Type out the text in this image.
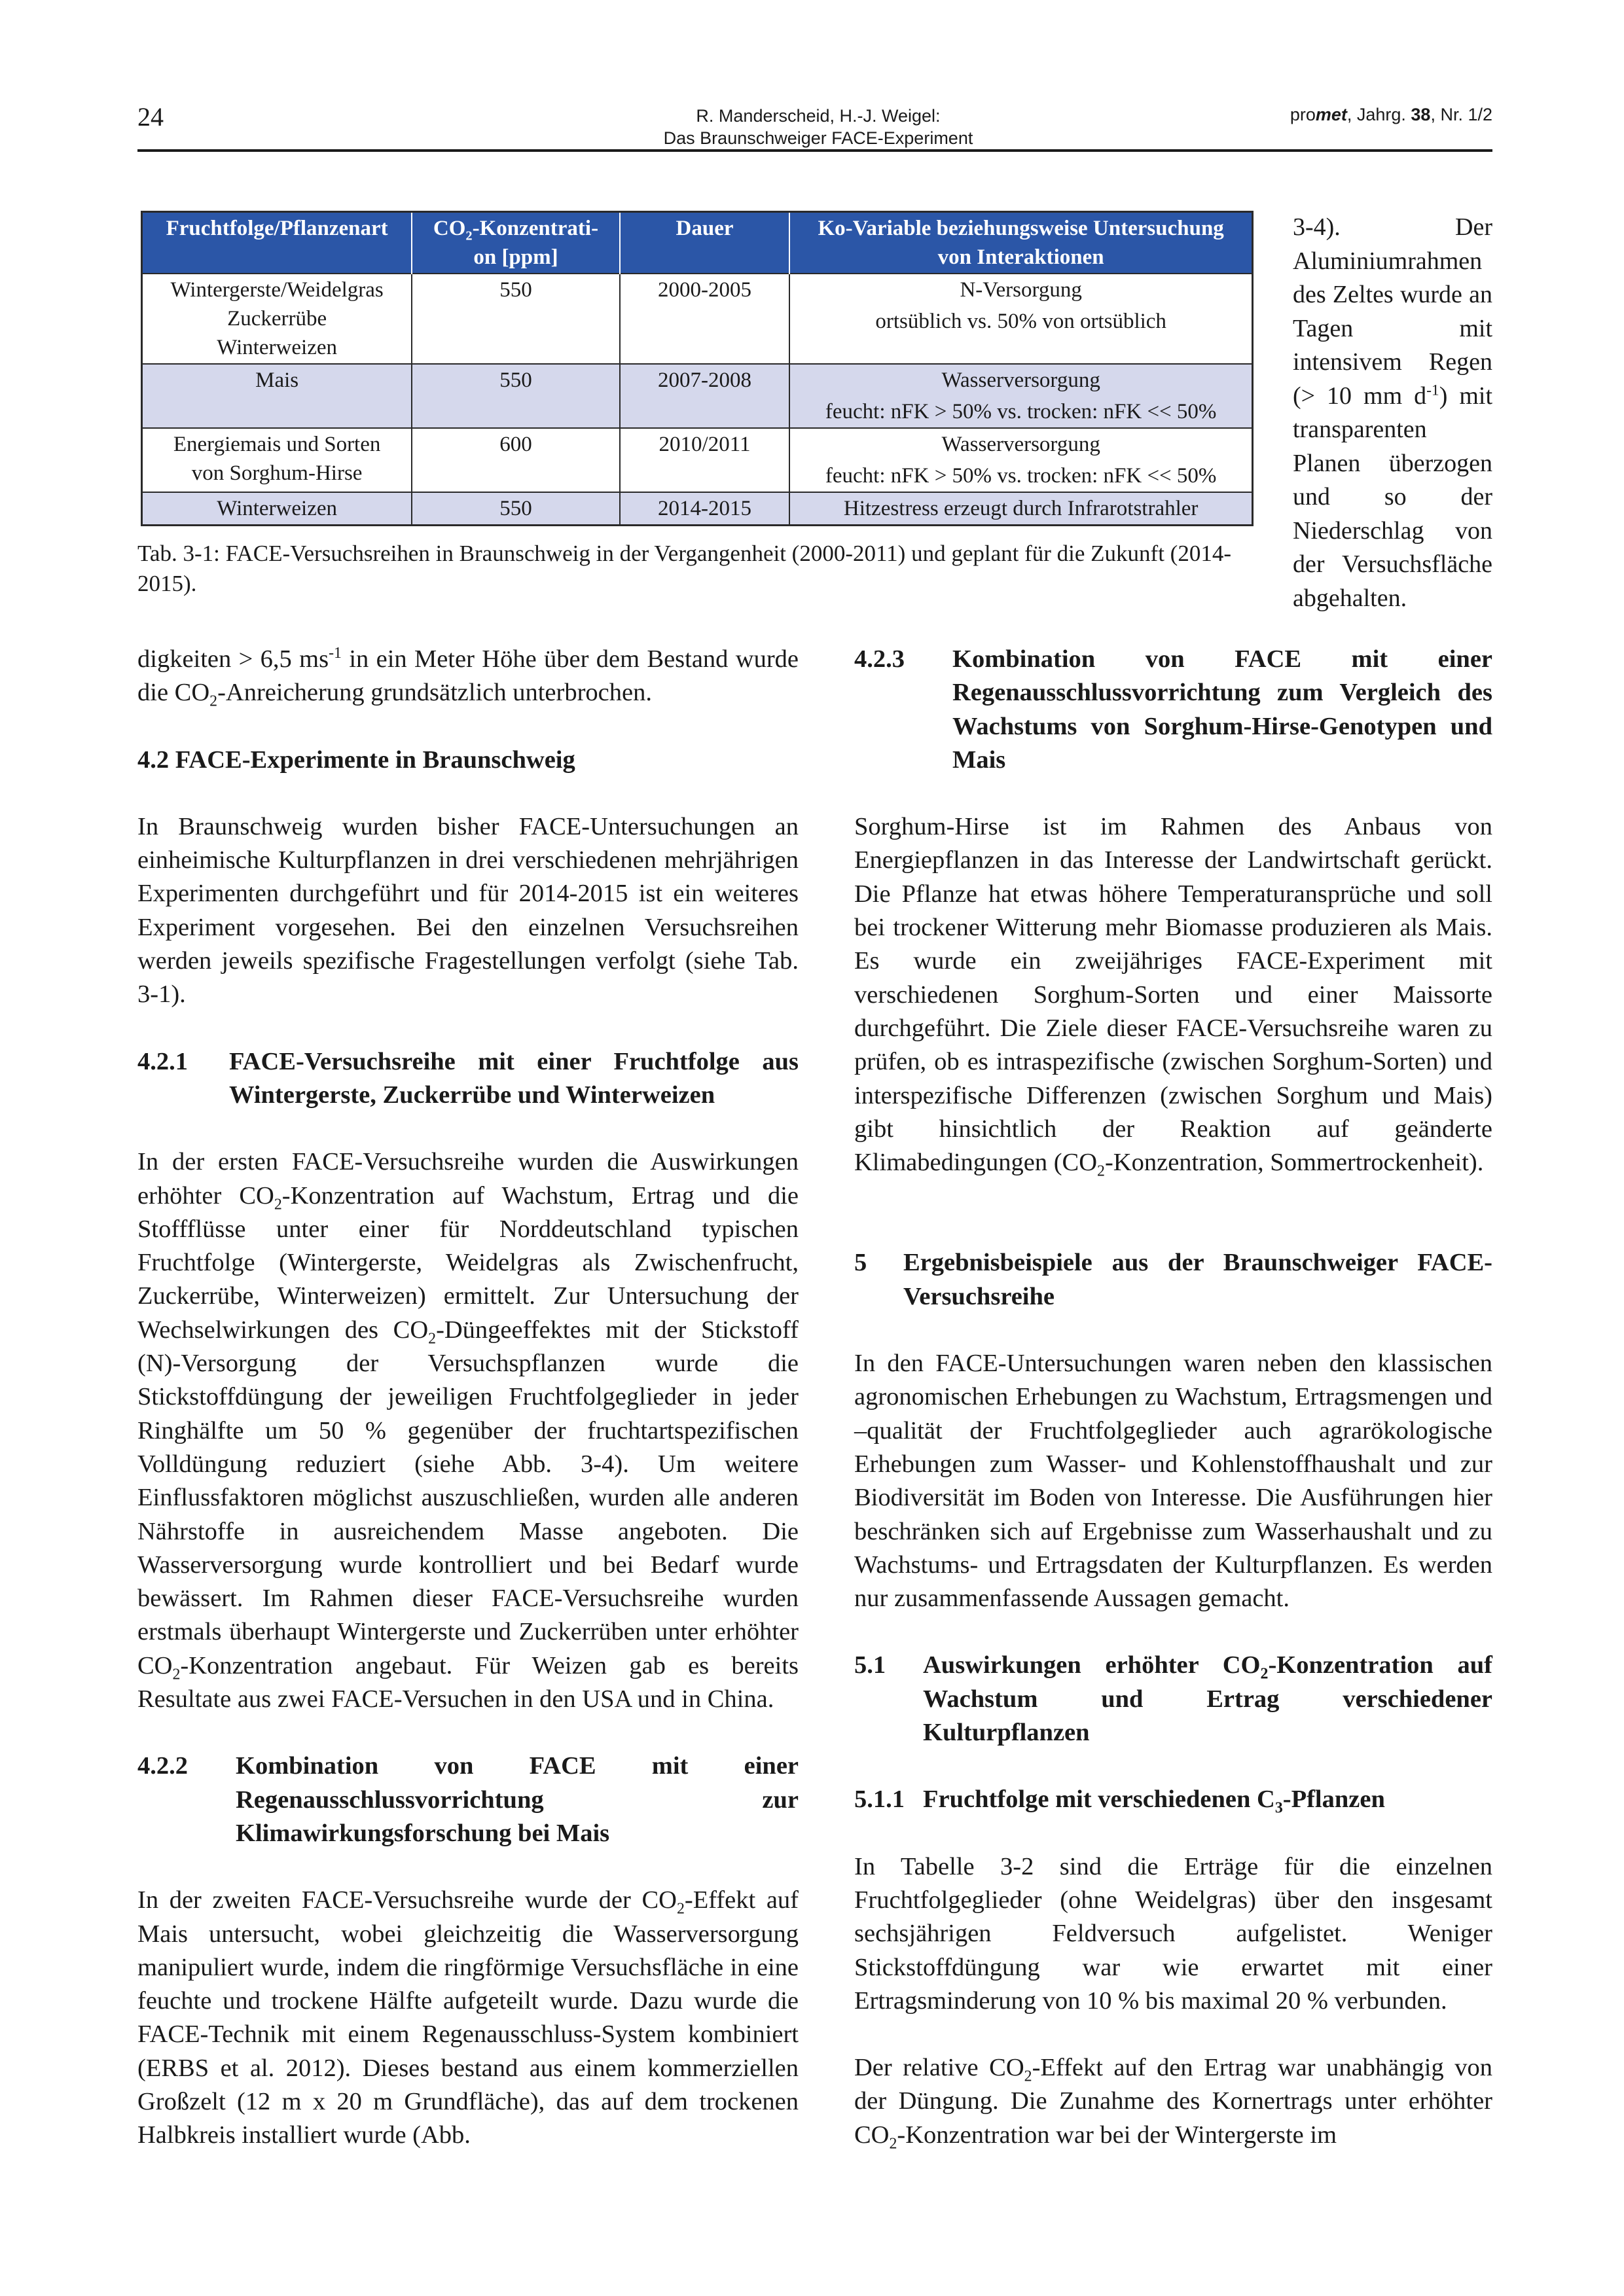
24	R. Manderscheid, H.-J. Weigel:
Das Braunschweiger FACE-Experiment
promet, Jahrg. 38, Nr. 1/2
Fruchtfolge/Pflanzenart	$CO_2-Konzentrati-$
on [ppm]	Dauer	Ko-Variable beziehungsweise Untersuchung
von Interaktionen

Wintergerste/Weidelgras
Zuckerrübe
Winterweizen	550	2000-2005	N-Versorgung
ortsüblich vs. 50% von ortsüblich

Mais	550	2007-2008	Wasserversorgung
feucht: nFK > 50% vs. trocken: nFK << 50%

Energiemais und Sorten
von Sorghum-Hirse	600	2010/2011	Wasserversorgung
feucht: nFK > 50% vs. trocken: nFK << 50%

Winterweizen	550	2014-2015	Hitzestress erzeugt durch Infrarotstrahler
Tab. 3-1: FACE-Versuchsreihen in Braunschweig in der Vergangenheit (2000-2011) und geplant für die Zukunft (2014-2015).
3-4). Der Aluminiumrahmen des Zeltes wurde an Tagen mit intensivem Regen (> 10 mm $d^{-1}$) mit transparenten Planen überzogen und so der Niederschlag von der Versuchsfläche abgehalten.

digkeiten > 6,5 $ms^{-1}$ in ein Meter Höhe über dem Bestand wurde die $CO_2$-Anreicherung grundsätzlich unterbrochen.

4.2 FACE-Experimente in Braunschweig

In Braunschweig wurden bisher FACE-Untersuchungen an einheimische Kulturpflanzen in drei verschiedenen mehrjährigen Experimenten durchgeführt und für 2014-2015 ist ein weiteres Experiment vorgesehen. Bei den einzelnen Versuchsreihen werden jeweils spezifische Fragestellungen verfolgt (siehe Tab. 3-1).

4.2.1	FACE-Versuchsreihe mit einer Fruchtfolge aus Wintergerste, Zuckerrübe und Winterweizen

In der ersten FACE-Versuchsreihe wurden die Auswirkungen erhöhter $CO_2$-Konzentration auf Wachstum, Ertrag und die Stoffflüsse unter einer für Norddeutschland typischen Fruchtfolge (Wintergerste, Weidelgras als Zwischenfrucht, Zuckerrübe, Winterweizen) ermittelt. Zur Untersuchung der Wechselwirkungen des $CO_2$-Düngeeffektes mit der Stickstoff (N)-Versorgung der Versuchspflanzen wurde die Stickstoffdüngung der jeweiligen Fruchtfolgeglieder in jeder Ringhälfte um 50 % gegenüber der fruchtartspezifischen Volldüngung reduziert (siehe Abb. 3-4). Um weitere Einflussfaktoren möglichst auszuschließen, wurden alle anderen Nährstoffe in ausreichendem Masse angeboten. Die Wasserversorgung wurde kontrolliert und bei Bedarf wurde bewässert. Im Rahmen dieser FACE-Versuchsreihe wurden erstmals überhaupt Wintergerste und Zuckerrüben unter erhöhter $CO_2$-Konzentration angebaut. Für Weizen gab es bereits Resultate aus zwei FACE-Versuchen in den USA und in China.

4.2.2	Kombination von FACE mit einer Regenausschlussvorrichtung zur Klimawirkungsforschung bei Mais

In der zweiten FACE-Versuchsreihe wurde der $CO_2$-Effekt auf Mais untersucht, wobei gleichzeitig die Wasserversorgung manipuliert wurde, indem die ringförmige Versuchsfläche in eine feuchte und trockene Hälfte aufgeteilt wurde. Dazu wurde die FACE-Technik mit einem Regenausschluss-System kombiniert (ERBS et al. 2012). Dieses bestand aus einem kommerziellen Großzelt (12 m x 20 m Grundfläche), das auf dem trockenen Halbkreis installiert wurde (Abb.

4.2.3	Kombination von FACE mit einer Regenausschlussvorrichtung zum Vergleich des Wachstums von Sorghum-Hirse-Genotypen und Mais

Sorghum-Hirse ist im Rahmen des Anbaus von Energiepflanzen in das Interesse der Landwirtschaft gerückt. Die Pflanze hat etwas höhere Temperaturansprüche und soll bei trockener Witterung mehr Biomasse produzieren als Mais. Es wurde ein zweijähriges FACE-Experiment mit verschiedenen Sorghum-Sorten und einer Maissorte durchgeführt. Die Ziele dieser FACE-Versuchsreihe waren zu prüfen, ob es intraspezifische (zwischen Sorghum-Sorten) und interspezifische Differenzen (zwischen Sorghum und Mais) gibt hinsichtlich der Reaktion auf geänderte Klimabedingungen ($CO_2$-Konzentration, Sommertrockenheit).

5	Ergebnisbeispiele aus der Braunschweiger FACE-Versuchsreihe

In den FACE-Untersuchungen waren neben den klassischen agronomischen Erhebungen zu Wachstum, Ertragsmengen und –qualität der Fruchtfolgeglieder auch agrarökologische Erhebungen zum Wasser- und Kohlenstoffhaushalt und zur Biodiversität im Boden von Interesse. Die Ausführungen hier beschränken sich auf Ergebnisse zum Wasserhaushalt und zu Wachstums- und Ertragsdaten der Kulturpflanzen. Es werden nur zusammenfassende Aussagen gemacht.

5.1	Auswirkungen erhöhter $CO_2$-Konzentration auf Wachstum und Ertrag verschiedener Kulturpflanzen
5.1.1 Fruchtfolge mit verschiedenen $C_3$-Pflanzen

In Tabelle 3-2 sind die Erträge für die einzelnen Fruchtfolgeglieder (ohne Weidelgras) über den insgesamt sechsjährigen Feldversuch aufgelistet. Weniger Stickstoffdüngung war wie erwartet mit einer Ertragsminderung von 10 % bis maximal 20 % verbunden.

Der relative $CO_2$-Effekt auf den Ertrag war unabhängig von der Düngung. Die Zunahme des Kornertrags unter erhöhter $CO_2$-Konzentration war bei der Wintergerste im
